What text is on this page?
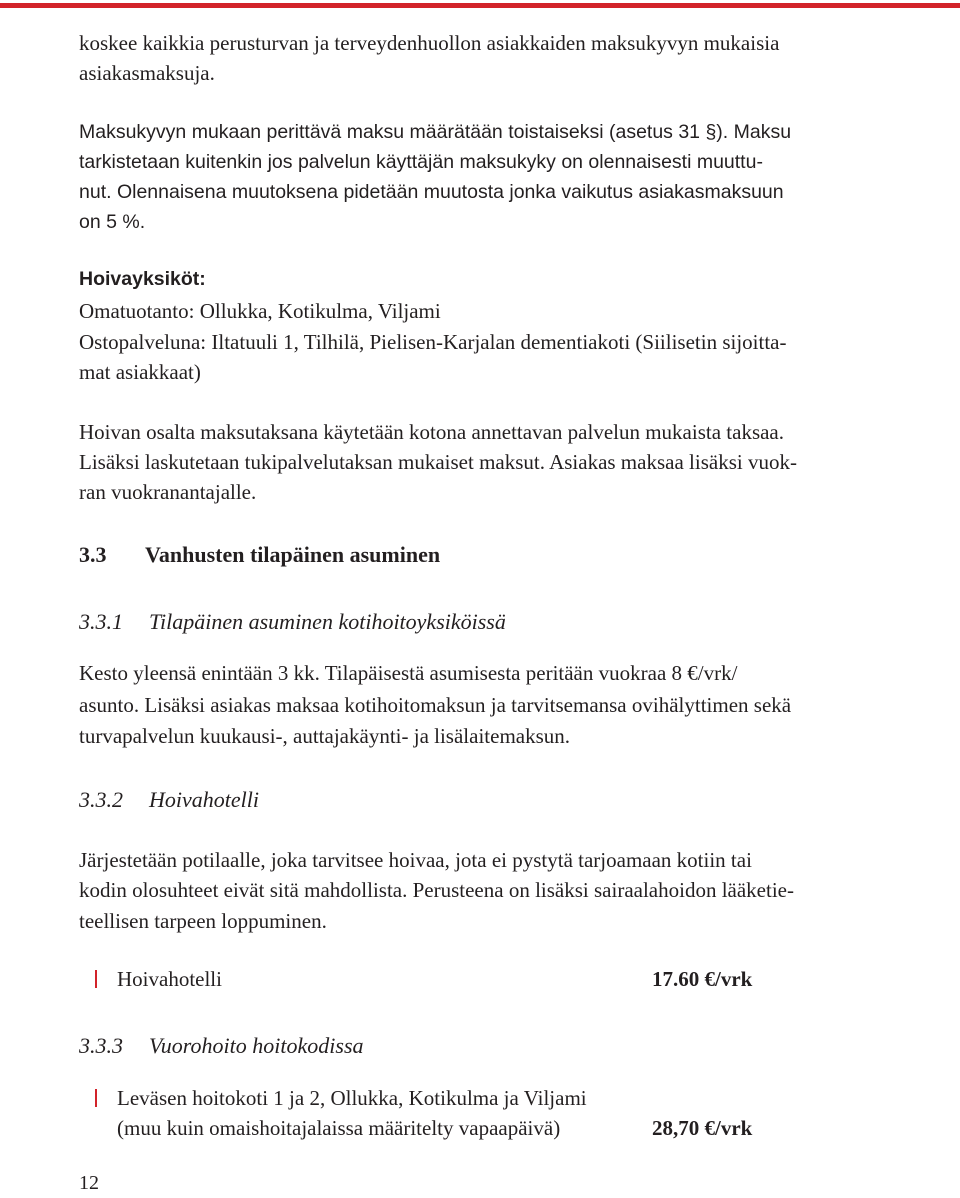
koskee kaikkia perusturvan ja terveydenhuollon asiakkaiden maksukyvyn mukaisia

asiakasmaksuja.

Maksukyvyn mukaan perittävä maksu määrätään toistaiseksi (asetus 31 §). Maksu

tarkistetaan kuitenkin jos palvelun käyttäjän maksukyky on olennaisesti muuttu-

nut. Olennaisena muutoksena pidetään muutosta jonka vaikutus asiakasmaksuun

on 5 %.

Hoivayksiköt:

Omatuotanto: Ollukka, Kotikulma, Viljami

Ostopalveluna: Iltatuuli 1, Tilhilä, Pielisen-Karjalan dementiakoti (Siilisetin sijoitta-

mat asiakkaat)

Hoivan osalta maksutaksana käytetään kotona annettavan palvelun mukaista taksaa.

Lisäksi laskutetaan tukipalvelutaksan mukaiset maksut. Asiakas maksaa lisäksi vuok-

ran vuokranantajalle.

3.3 Vanhusten tilapäinen asuminen

3.3.1 Tilapäinen asuminen kotihoitoyksiköissä

Kesto yleensä enintään 3 kk. Tilapäisestä asumisesta peritään vuokraa 8 €/vrk/

asunto. Lisäksi asiakas maksaa kotihoitomaksun ja tarvitsemansa ovihälyttimen sekä

turvapalvelun kuukausi-, auttajakäynti- ja lisälaitemaksun.

3.3.2 Hoivahotelli

Järjestetään potilaalle, joka tarvitsee hoivaa, jota ei pystytä tarjoamaan kotiin tai

kodin olosuhteet eivät sitä mahdollista. Perusteena on lisäksi sairaalahoidon lääketie-

teellisen tarpeen loppuminen.

Hoivahotelli	17.60 €/vrk

3.3.3 Vuorohoito hoitokodissa

Leväsen hoitokoti 1 ja 2, Ollukka, Kotikulma ja Viljami

(muu kuin omaishoitajalaissa määritelty vapaapäivä)	28,70 €/vrk

12
